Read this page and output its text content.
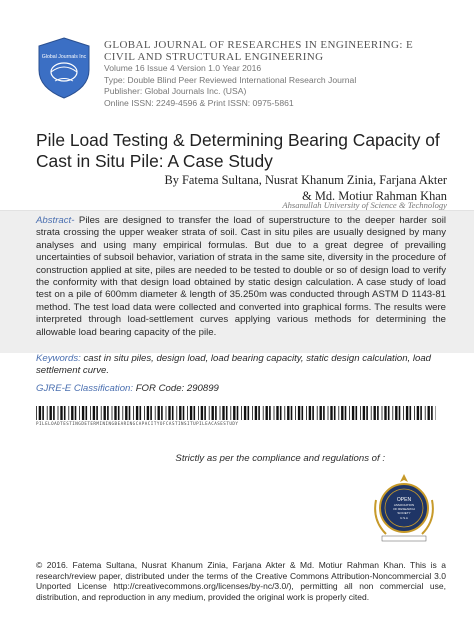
Global Journals Inc
GLOBAL JOURNAL OF RESEARCHES IN ENGINEERING: E
CIVIL AND STRUCTURAL ENGINEERING
Volume 16 Issue 4 Version 1.0 Year 2016
Type: Double Blind Peer Reviewed International Research Journal
Publisher: Global Journals Inc. (USA)
Online ISSN: 2249-4596 & Print ISSN: 0975-5861
Pile Load Testing & Determining Bearing Capacity of Cast in Situ Pile: A Case Study
By Fatema Sultana, Nusrat Khanum Zinia, Farjana Akter
& Md. Motiur Rahman Khan
Ahsanullah University of Science & Technology
Abstract- Piles are designed to transfer the load of superstructure to the deeper harder soil strata crossing the upper weaker strata of soil. Cast in situ piles are usually designed by many analyses and using many empirical formulas. But due to a great degree of prevailing uncertainties of subsoil behavior, variation of strata in the same site, diversity in the procedure of construction applied at site, piles are needed to be tested to double or so of design load to verify the conformity with that design load obtained by static design calculation. A case study of load test on a pile of 600mm diameter & length of 35.250m was conducted through ASTM D 1143-81 method. The test load data were collected and converted into graphical forms. The results were interpreted through load-settlement curves applying various methods for determining the allowable load bearing capacity of the pile.
Keywords: cast in situ piles, design load, load bearing capacity, static design calculation, load settlement curve.
GJRE-E Classification: FOR Code: 290899
PILELOADTESTINGDETERMININGBEARINGCAPACITYOFCASTINSITUPILEACASESTUDY
Strictly as per the compliance and regulations of :
OPEN
ASSOCIATION
OF RESEARCH
SOCIETY
U.S.A
© 2016. Fatema Sultana, Nusrat Khanum Zinia, Farjana Akter & Md. Motiur Rahman Khan. This is a research/review paper, distributed under the terms of the Creative Commons Attribution-Noncommercial 3.0 Unported License http://creativecommons.org/licenses/by-nc/3.0/), permitting all non commercial use, distribution, and reproduction in any medium, provided the original work is properly cited.
